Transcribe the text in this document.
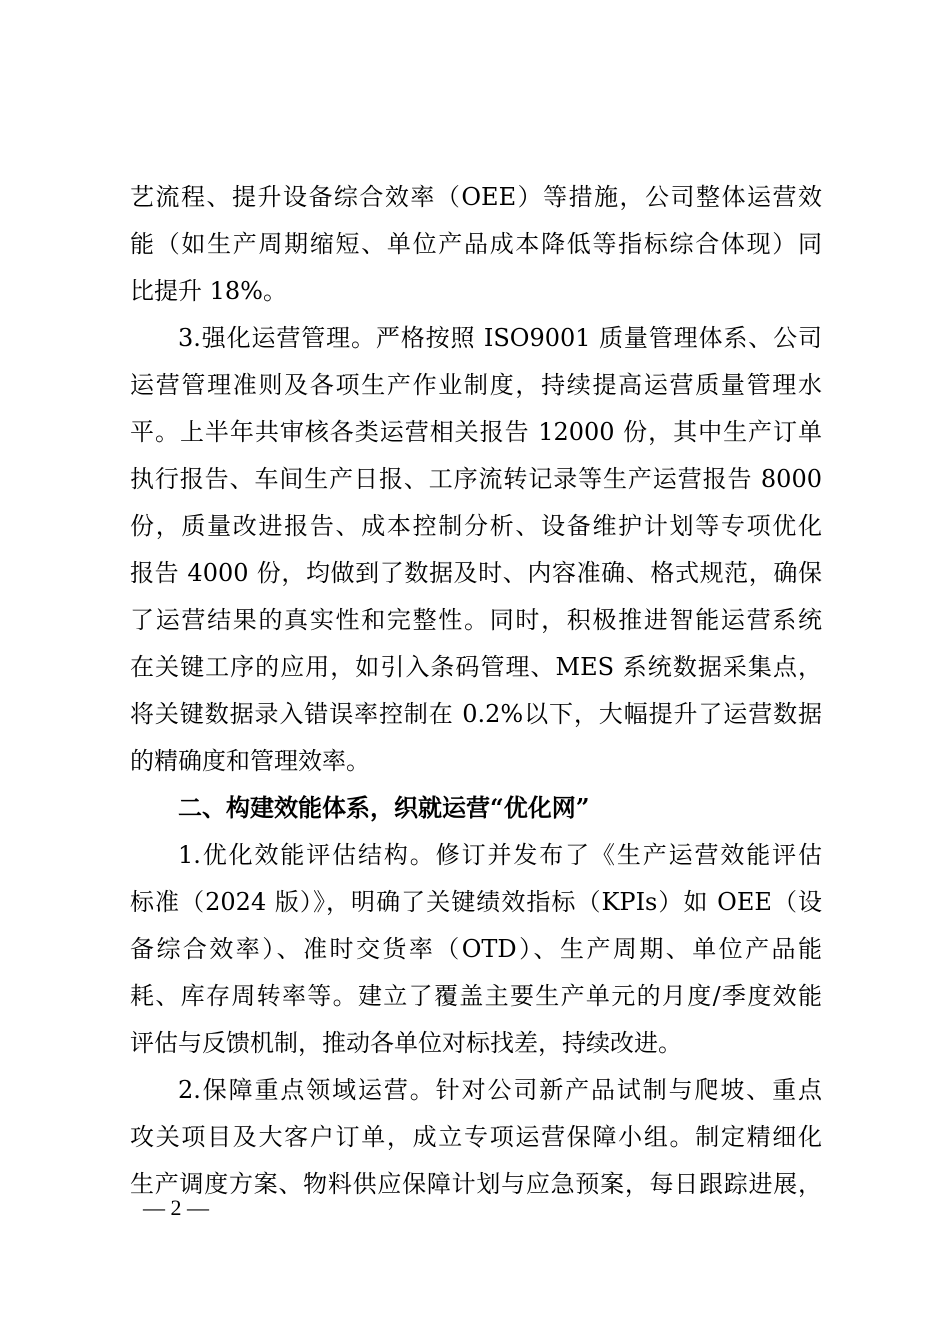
艺流程、提升设备综合效率（OEE）等措施，公司整体运营效
能（如生产周期缩短、单位产品成本降低等指标综合体现）同
比提升 18%。
3.强化运营管理。严格按照 ISO9001 质量管理体系、公司
运营管理准则及各项生产作业制度，持续提高运营质量管理水
平。上半年共审核各类运营相关报告 12000 份，其中生产订单
执行报告、车间生产日报、工序流转记录等生产运营报告 8000
份，质量改进报告、成本控制分析、设备维护计划等专项优化
报告 4000 份，均做到了数据及时、内容准确、格式规范，确保
了运营结果的真实性和完整性。同时，积极推进智能运营系统
在关键工序的应用，如引入条码管理、MES 系统数据采集点，
将关键数据录入错误率控制在 0.2%以下，大幅提升了运营数据
的精确度和管理效率。
二、构建效能体系，织就运营“优化网”
1.优化效能评估结构。修订并发布了《生产运营效能评估
标准（2024 版）》，明确了关键绩效指标（KPIs）如 OEE（设
备综合效率）、准时交货率（OTD）、生产周期、单位产品能
耗、库存周转率等。建立了覆盖主要生产单元的月度/季度效能
评估与反馈机制，推动各单位对标找差，持续改进。
2.保障重点领域运营。针对公司新产品试制与爬坡、重点
攻关项目及大客户订单，成立专项运营保障小组。制定精细化
生产调度方案、物料供应保障计划与应急预案，每日跟踪进展，
— 2 —
